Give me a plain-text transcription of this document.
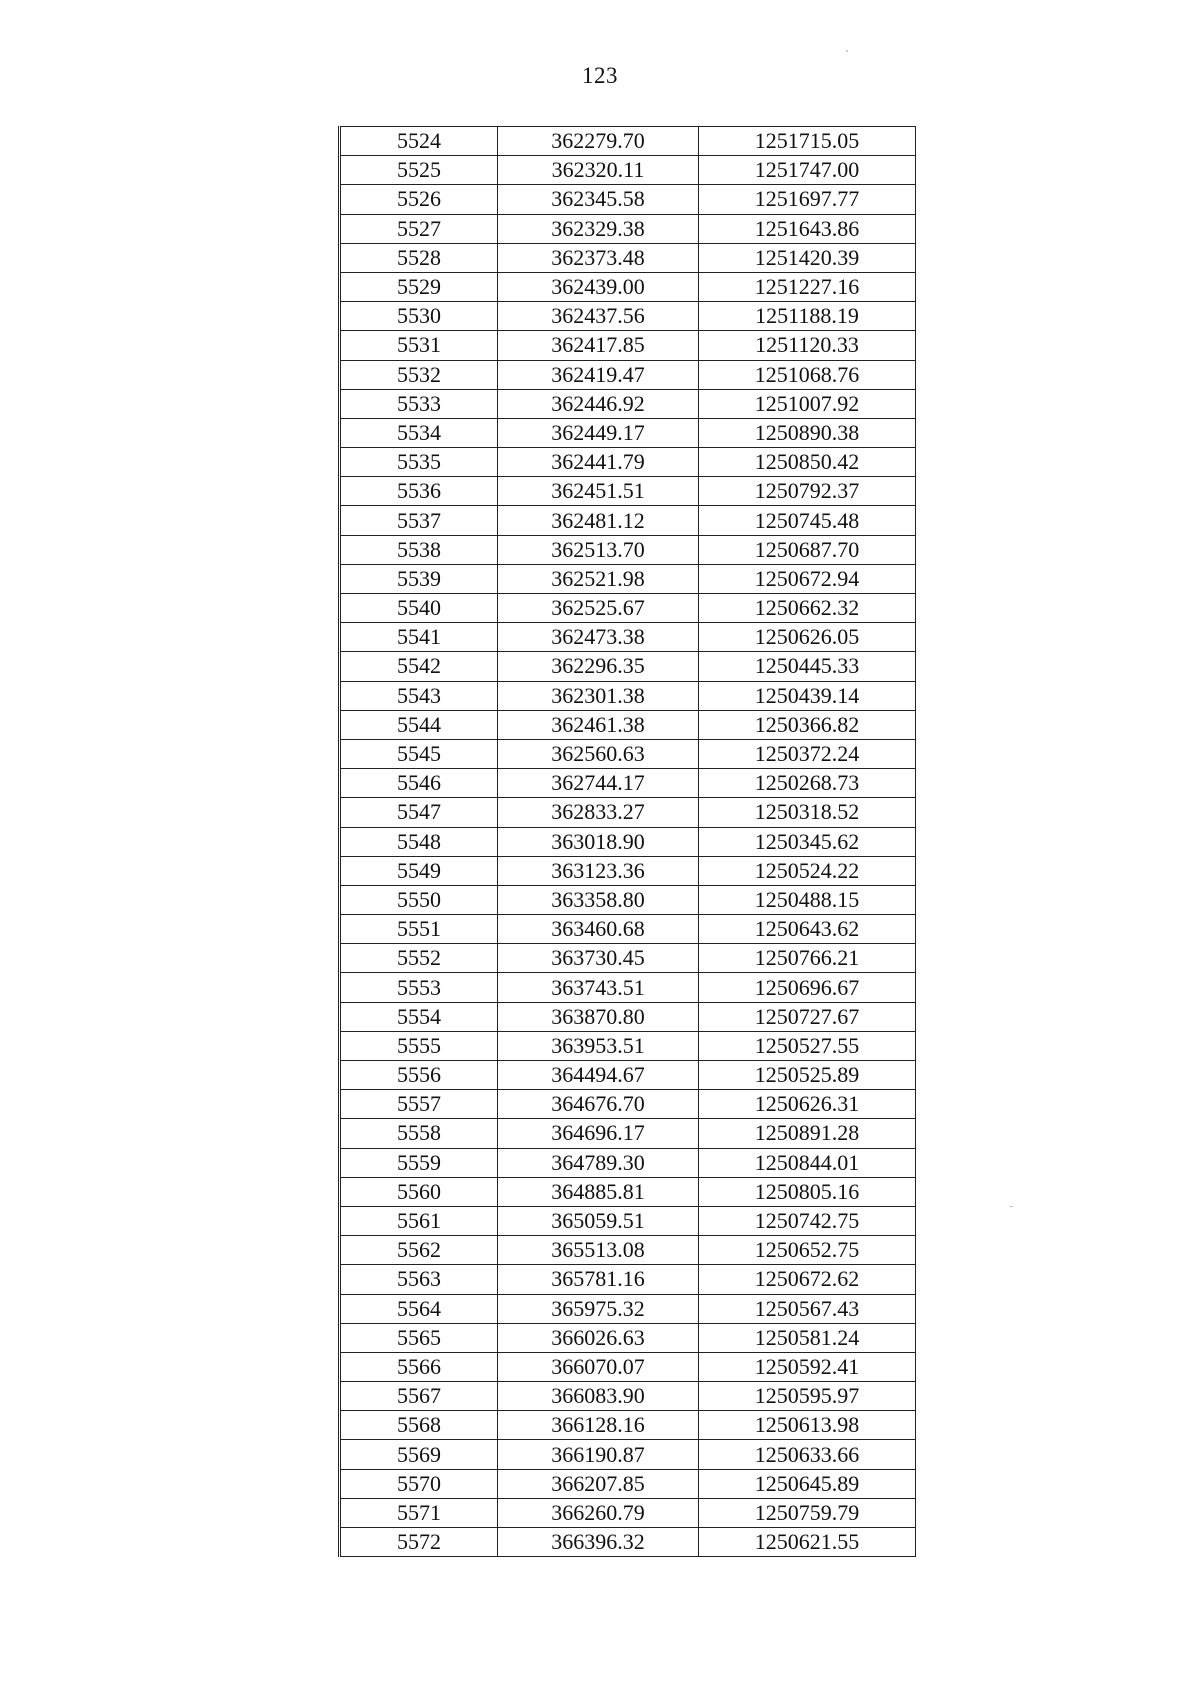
123
5524	362279.70	1251715.05
5525	362320.11	1251747.00
5526	362345.58	1251697.77
5527	362329.38	1251643.86
5528	362373.48	1251420.39
5529	362439.00	1251227.16
5530	362437.56	1251188.19
5531	362417.85	1251120.33
5532	362419.47	1251068.76
5533	362446.92	1251007.92
5534	362449.17	1250890.38
5535	362441.79	1250850.42
5536	362451.51	1250792.37
5537	362481.12	1250745.48
5538	362513.70	1250687.70
5539	362521.98	1250672.94
5540	362525.67	1250662.32
5541	362473.38	1250626.05
5542	362296.35	1250445.33
5543	362301.38	1250439.14
5544	362461.38	1250366.82
5545	362560.63	1250372.24
5546	362744.17	1250268.73
5547	362833.27	1250318.52
5548	363018.90	1250345.62
5549	363123.36	1250524.22
5550	363358.80	1250488.15
5551	363460.68	1250643.62
5552	363730.45	1250766.21
5553	363743.51	1250696.67
5554	363870.80	1250727.67
5555	363953.51	1250527.55
5556	364494.67	1250525.89
5557	364676.70	1250626.31
5558	364696.17	1250891.28
5559	364789.30	1250844.01
5560	364885.81	1250805.16
5561	365059.51	1250742.75
5562	365513.08	1250652.75
5563	365781.16	1250672.62
5564	365975.32	1250567.43
5565	366026.63	1250581.24
5566	366070.07	1250592.41
5567	366083.90	1250595.97
5568	366128.16	1250613.98
5569	366190.87	1250633.66
5570	366207.85	1250645.89
5571	366260.79	1250759.79
5572	366396.32	1250621.55
